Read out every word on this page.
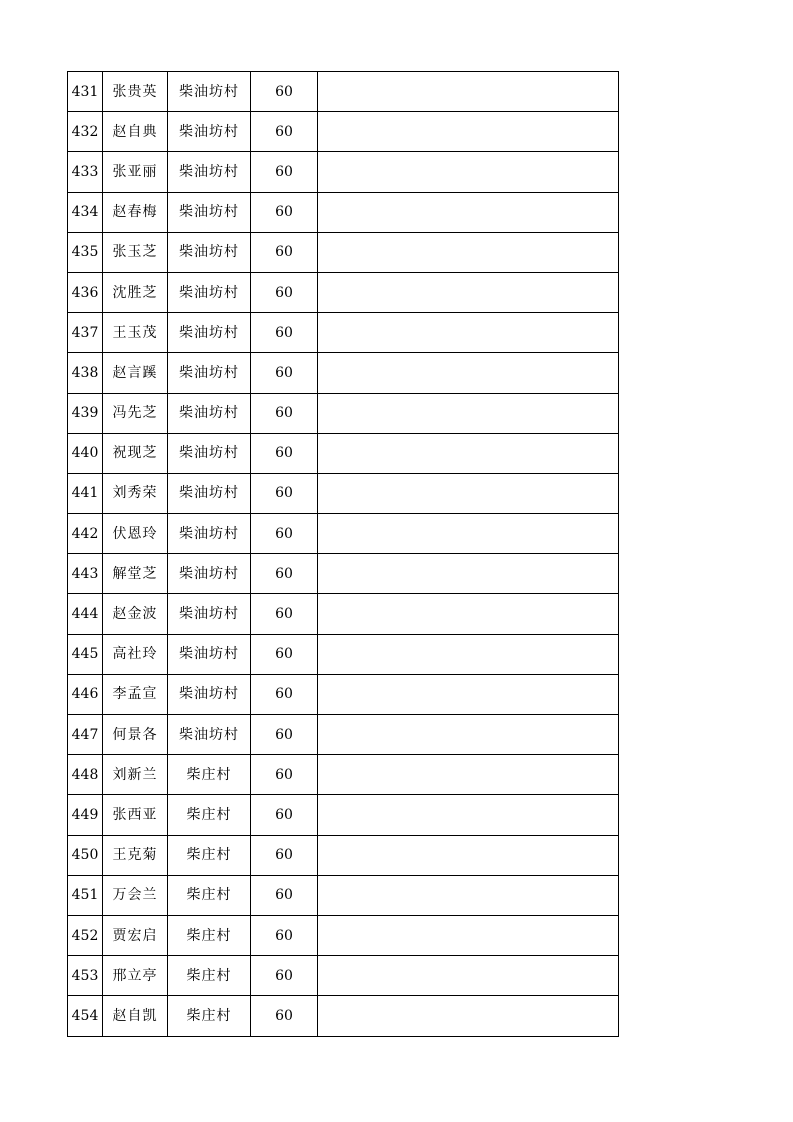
431	张贵英	柴油坊村	60	
432	赵自典	柴油坊村	60	
433	张亚丽	柴油坊村	60	
434	赵春梅	柴油坊村	60	
435	张玉芝	柴油坊村	60	
436	沈胜芝	柴油坊村	60	
437	王玉茂	柴油坊村	60	
438	赵言蹊	柴油坊村	60	
439	冯先芝	柴油坊村	60	
440	祝现芝	柴油坊村	60	
441	刘秀荣	柴油坊村	60	
442	伏恩玲	柴油坊村	60	
443	解堂芝	柴油坊村	60	
444	赵金波	柴油坊村	60	
445	高社玲	柴油坊村	60	
446	李孟宣	柴油坊村	60	
447	何景各	柴油坊村	60	
448	刘新兰	柴庄村	60	
449	张西亚	柴庄村	60	
450	王克菊	柴庄村	60	
451	万会兰	柴庄村	60	
452	贾宏启	柴庄村	60	
453	邢立亭	柴庄村	60	
454	赵自凯	柴庄村	60	
